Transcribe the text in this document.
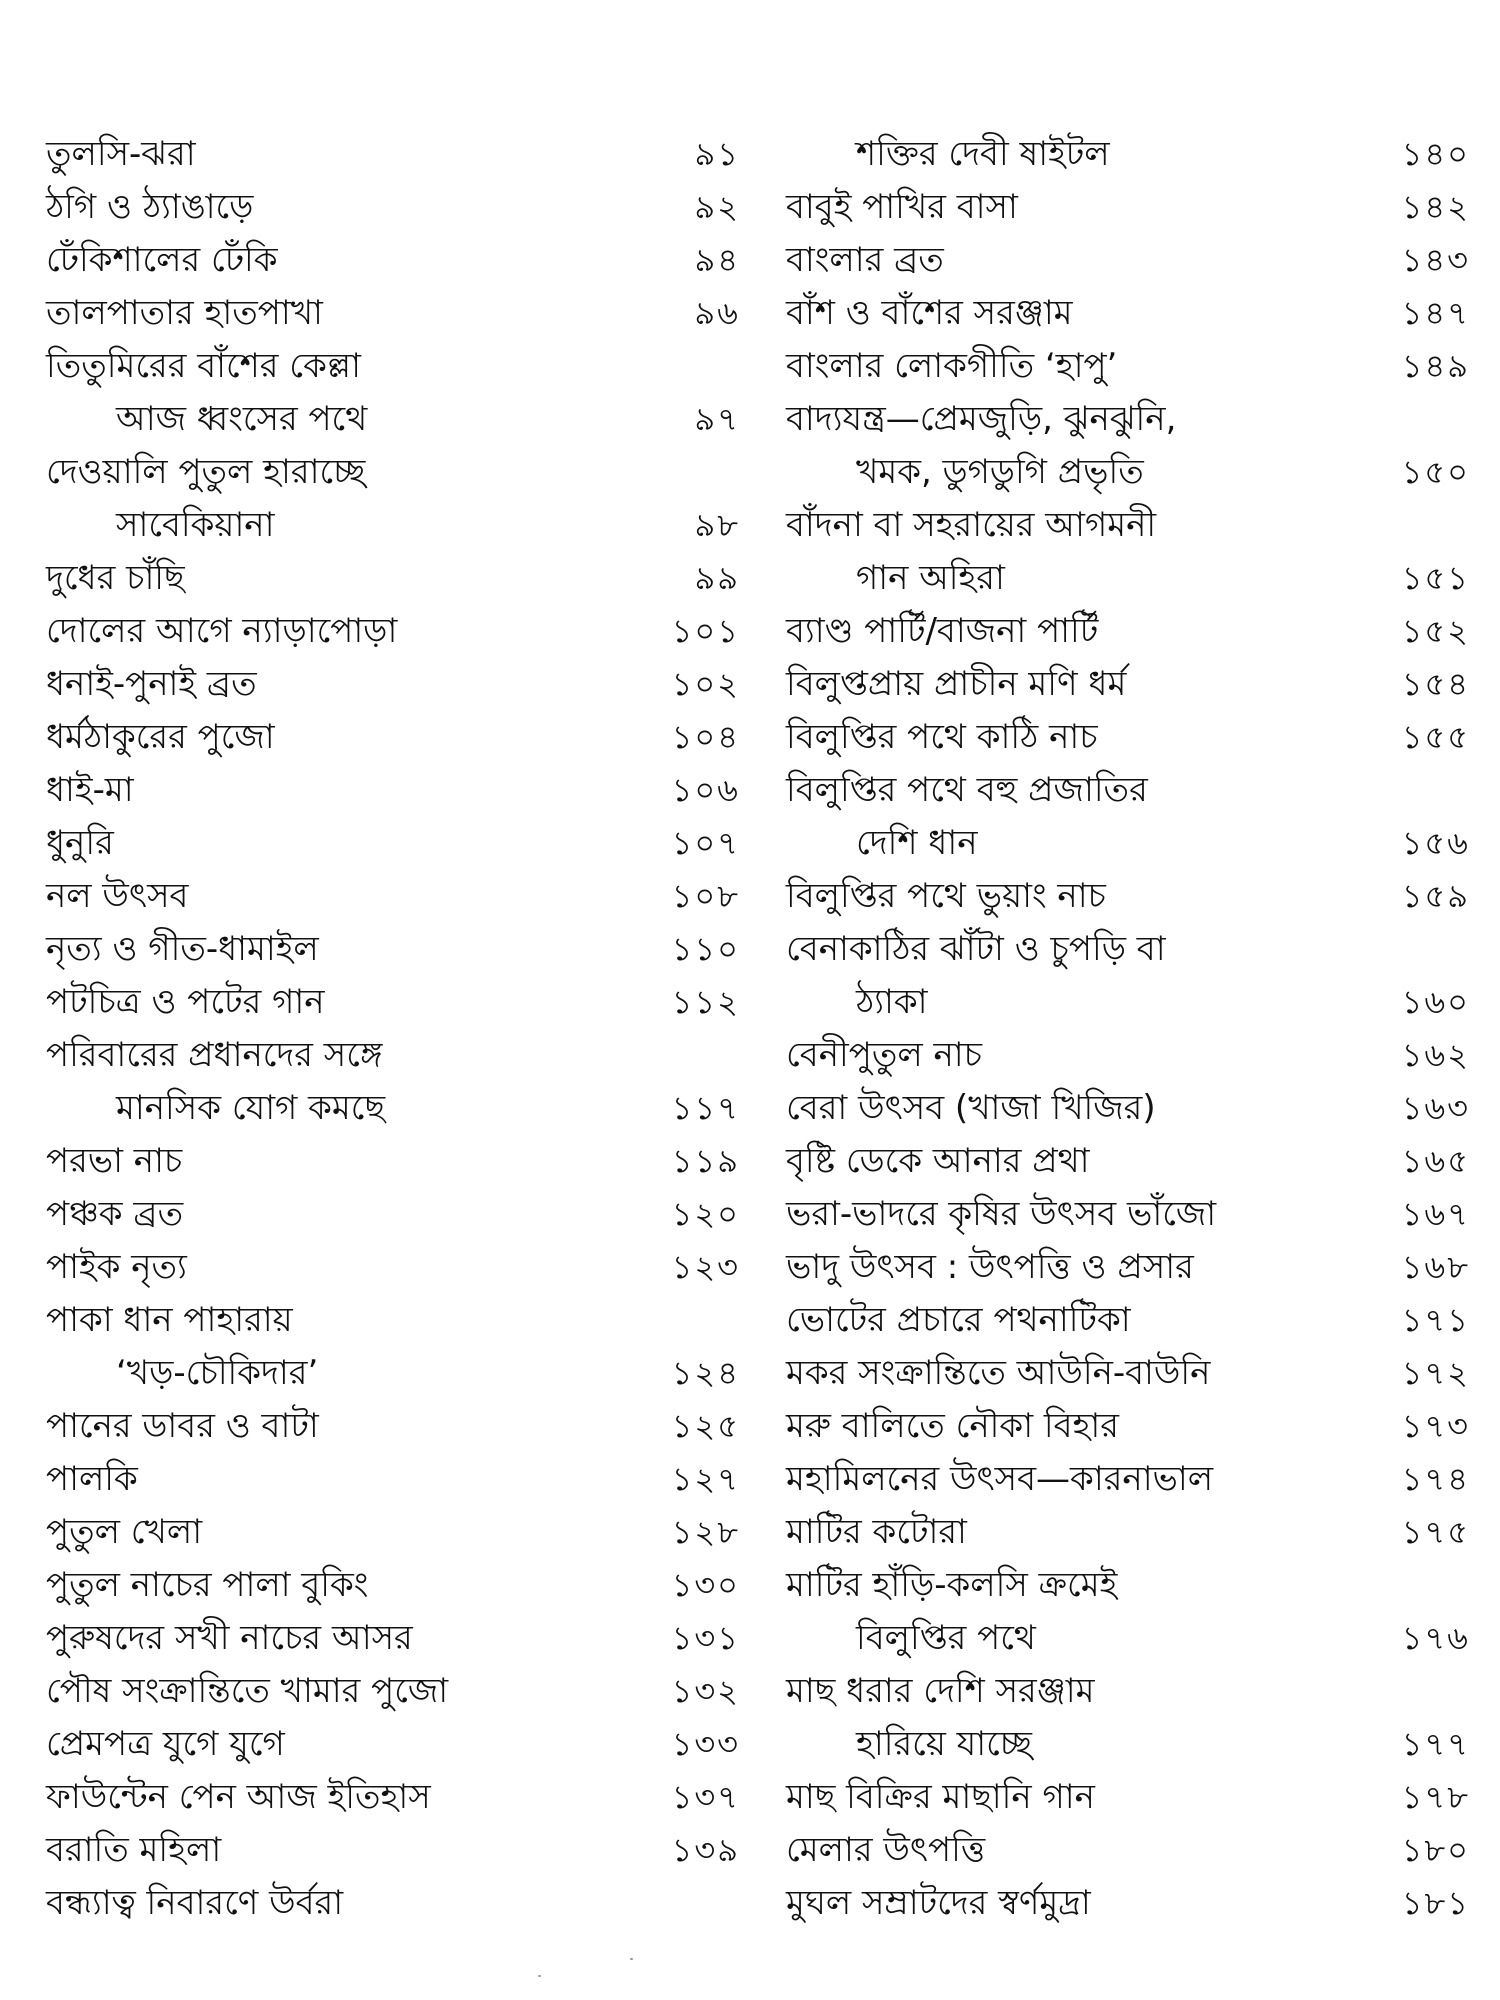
তুলসি-ঝরা	৯১
ঠগি ও ঠ্যাঙাড়ে	৯২
ঢেঁকিশালের ঢেঁকি	৯৪
তালপাতার হাতপাখা	৯৬
তিতুমিরের বাঁশের কেল্লা
আজ ধ্বংসের পথে	৯৭
দেওয়ালি পুতুল হারাচ্ছে
সাবেকিয়ানা	৯৮
দুধের চাঁছি	৯৯
দোলের আগে ন্যাড়াপোড়া	১০১
ধনাই-পুনাই ব্রত	১০২
ধর্মঠাকুরের পুজো	১০৪
ধাই-মা	১০৬
ধুনুরি	১০৭
নল উৎসব	১০৮
নৃত্য ও গীত-ধামাইল	১১০
পটচিত্র ও পটের গান	১১২
পরিবারের প্রধানদের সঙ্গে
মানসিক যোগ কমছে	১১৭
পরভা নাচ	১১৯
পঞ্চক ব্রত	১২০
পাইক নৃত্য	১২৩
পাকা ধান পাহারায়
‘খড়-চৌকিদার’	১২৪
পানের ডাবর ও বাটা	১২৫
পালকি	১২৭
পুতুল খেলা	১২৮
পুতুল নাচের পালা বুকিং	১৩০
পুরুষদের সখী নাচের আসর	১৩১
পৌষ সংক্রান্তিতে খামার পুজো	১৩২
প্রেমপত্র যুগে যুগে	১৩৩
ফাউন্টেন পেন আজ ইতিহাস	১৩৭
বরাতি মহিলা	১৩৯
বন্ধ্যাত্ব নিবারণে উর্বরা
শক্তির দেবী ষাইটল	১৪০
বাবুই পাখির বাসা	১৪২
বাংলার ব্রত	১৪৩
বাঁশ ও বাঁশের সরঞ্জাম	১৪৭
বাংলার লোকগীতি ‘হাপু’	১৪৯
বাদ্যযন্ত্র—প্রেমজুড়ি, ঝুনঝুনি,
খমক, ডুগডুগি প্রভৃতি	১৫০
বাঁদনা বা সহরায়ের আগমনী
গান অহিরা	১৫১
ব্যাণ্ড পার্টি/বাজনা পার্টি	১৫২
বিলুপ্তপ্রায় প্রাচীন মণি ধর্ম	১৫৪
বিলুপ্তির পথে কাঠি নাচ	১৫৫
বিলুপ্তির পথে বহু প্রজাতির
দেশি ধান	১৫৬
বিলুপ্তির পথে ভুয়াং নাচ	১৫৯
বেনাকাঠির ঝাঁটা ও চুপড়ি বা
ঠ্যাকা	১৬০
বেনীপুতুল নাচ	১৬২
বেরা উৎসব (খাজা খিজির)	১৬৩
বৃষ্টি ডেকে আনার প্রথা	১৬৫
ভরা-ভাদরে কৃষির উৎসব ভাঁজো	১৬৭
ভাদু উৎসব : উৎপত্তি ও প্রসার	১৬৮
ভোটের প্রচারে পথনাটিকা	১৭১
মকর সংক্রান্তিতে আউনি-বাউনি	১৭২
মরু বালিতে নৌকা বিহার	১৭৩
মহামিলনের উৎসব—কারনাভাল	১৭৪
মাটির কটোরা	১৭৫
মাটির হাঁড়ি-কলসি ক্রমেই
বিলুপ্তির পথে	১৭৬
মাছ ধরার দেশি সরঞ্জাম
হারিয়ে যাচ্ছে	১৭৭
মাছ বিক্রির মাছানি গান	১৭৮
মেলার উৎপত্তি	১৮০
মুঘল সম্রাটদের স্বর্ণমুদ্রা	১৮১
